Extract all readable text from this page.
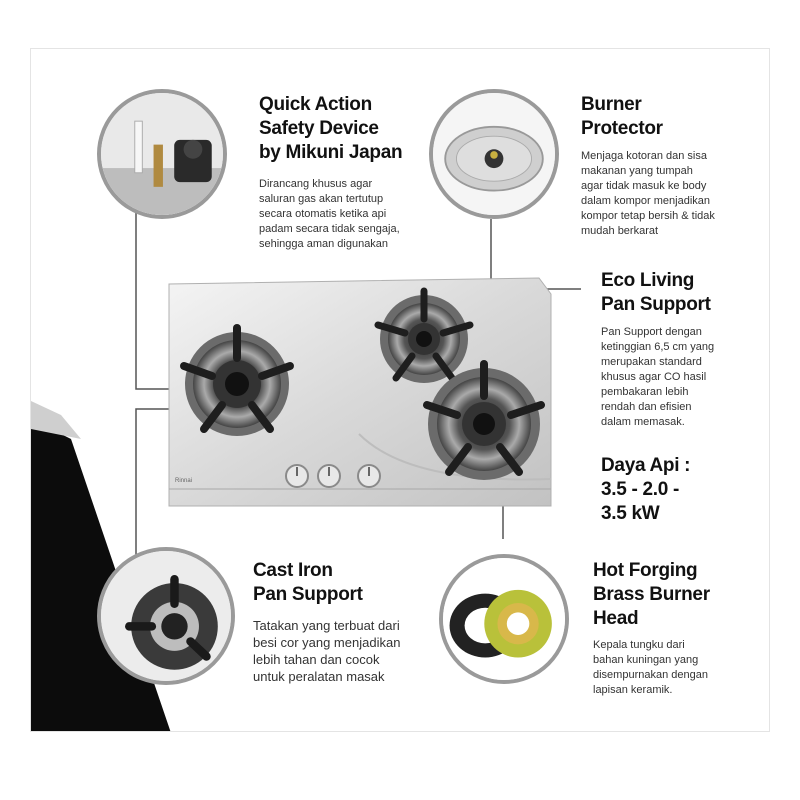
Rinnai
Quick Action
Safety Device
by Mikuni Japan
Dirancang khusus agar
saluran gas akan tertutup
secara otomatis ketika api
padam secara tidak sengaja,
sehingga aman digunakan
Burner
Protector
Menjaga kotoran dan sisa
makanan yang tumpah
agar tidak masuk ke body
dalam kompor menjadikan
kompor tetap bersih & tidak
mudah berkarat
Eco Living
Pan Support
Pan Support dengan
ketinggian 6,5 cm yang
merupakan standard
khusus agar CO hasil
pembakaran lebih
rendah dan efisien
dalam memasak.
Daya Api :
3.5 - 2.0 -
3.5 kW
Cast Iron
Pan Support
Tatakan yang terbuat dari
besi cor yang menjadikan
lebih tahan dan cocok
untuk peralatan masak
Hot Forging
Brass Burner
Head
Kepala tungku dari
bahan kuningan yang
disempurnakan dengan
lapisan keramik.
